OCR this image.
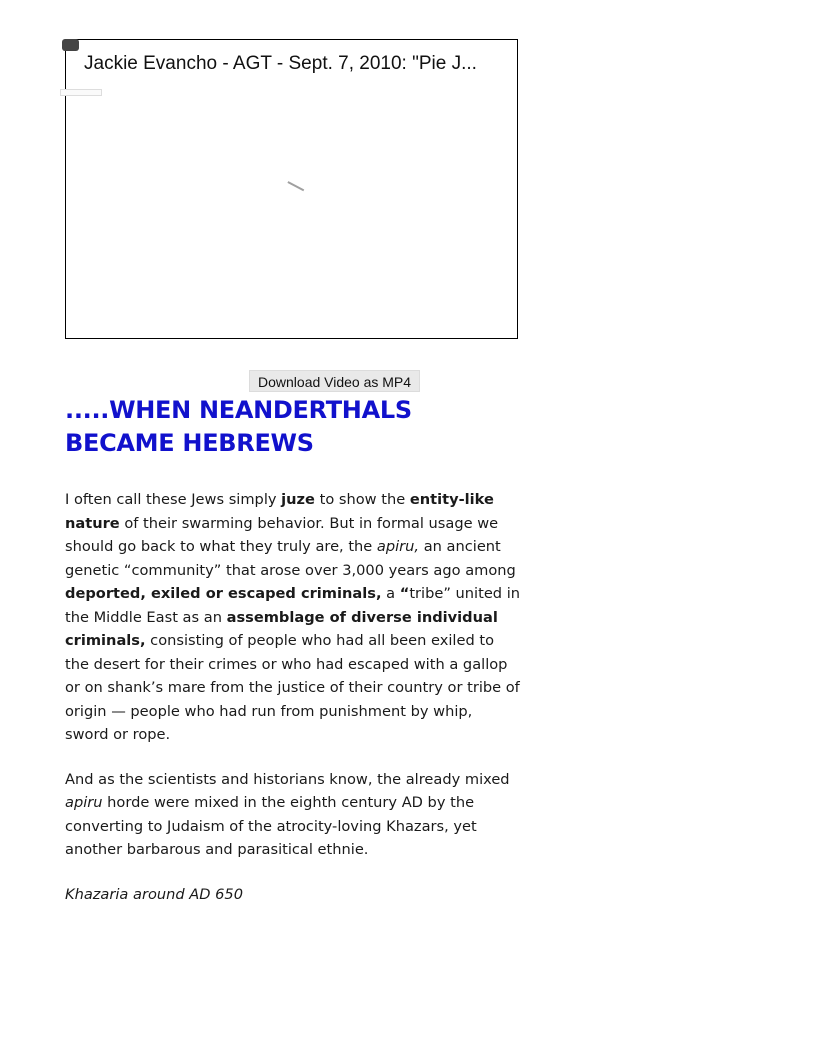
Jackie Evancho - AGT - Sept. 7, 2010: "Pie J...
Download Video as MP4
.....WHEN NEANDERTHALS BECAME HEBREWS

I often call these Jews simply juze to show the entity-like nature of their swarming behavior. But in formal usage we should go back to what they truly are, the apiru, an ancient genetic “community” that arose over 3,000 years ago among deported, exiled or escaped criminals, a “tribe” united in the Middle East as an assemblage of diverse individual criminals, consisting of people who had all been exiled to the desert for their crimes or who had escaped with a gallop or on shank’s mare from the justice of their country or tribe of origin — people who had run from punishment by whip, sword or rope.

And as the scientists and historians know, the already mixed apiru horde were mixed in the eighth century AD by the converting to Judaism of the atrocity-loving Khazars, yet another barbarous and parasitical ethnie.

Khazaria around AD 650
